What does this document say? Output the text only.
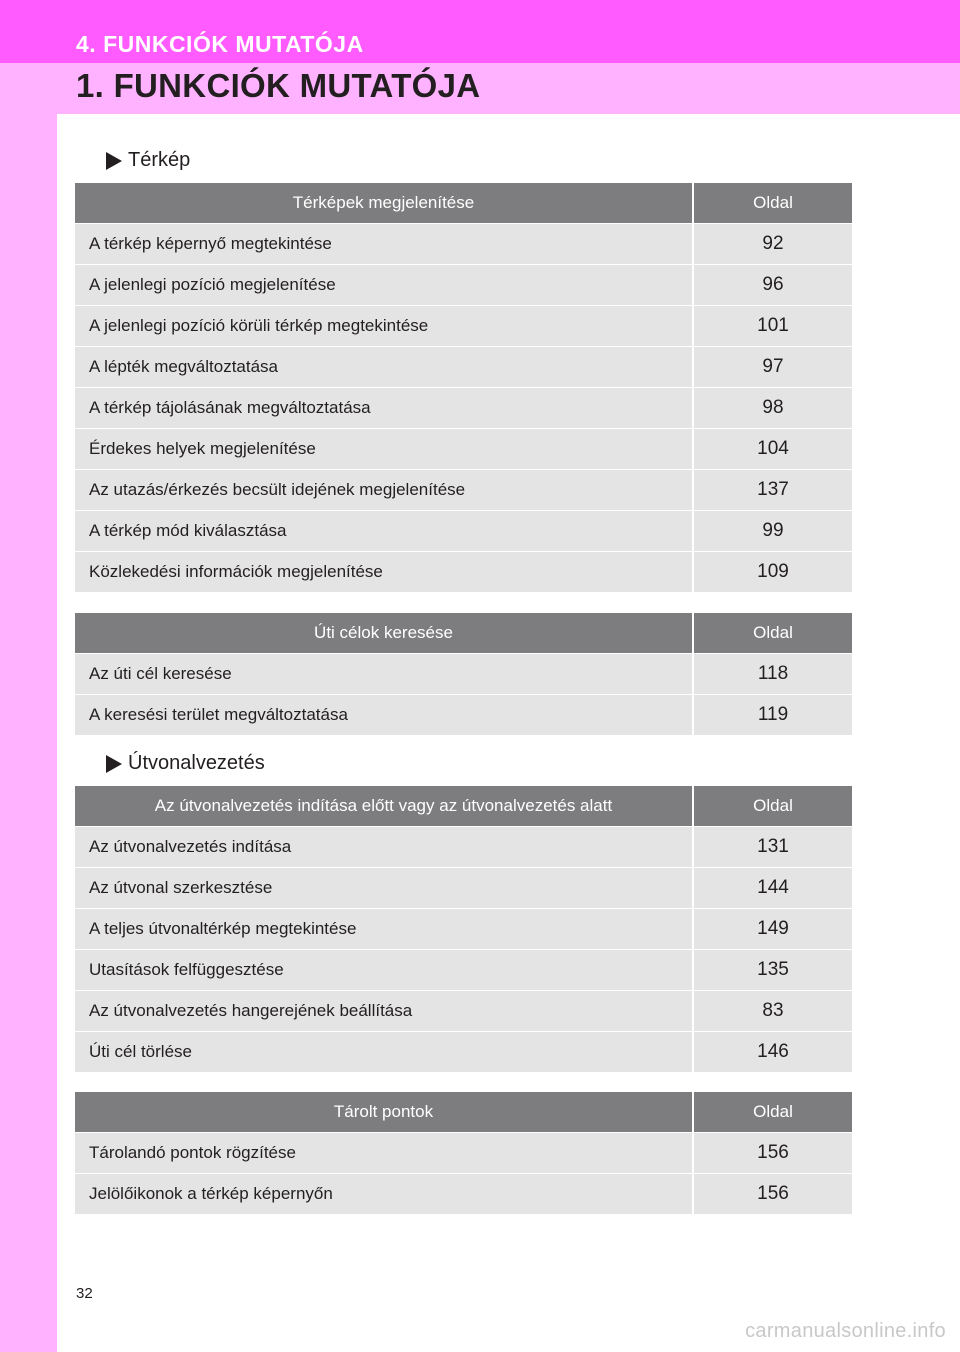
4. FUNKCIÓK MUTATÓJA
1. FUNKCIÓK MUTATÓJA
Térkép
Térképek megjelenítése	Oldal
A térkép képernyő megtekintése	92
A jelenlegi pozíció megjelenítése	96
A jelenlegi pozíció körüli térkép megtekintése	101
A lépték megváltoztatása	97
A térkép tájolásának megváltoztatása	98
Érdekes helyek megjelenítése	104
Az utazás/érkezés becsült idejének megjelenítése	137
A térkép mód kiválasztása	99
Közlekedési információk megjelenítése	109
Úti célok keresése	Oldal
Az úti cél keresése	118
A keresési terület megváltoztatása	119
Útvonalvezetés
Az útvonalvezetés indítása előtt vagy az útvonalvezetés alatt	Oldal
Az útvonalvezetés indítása	131
Az útvonal szerkesztése	144
A teljes útvonaltérkép megtekintése	149
Utasítások felfüggesztése	135
Az útvonalvezetés hangerejének beállítása	83
Úti cél törlése	146
Tárolt pontok	Oldal
Tárolandó pontok rögzítése	156
Jelölőikonok a térkép képernyőn	156
32
carmanualsonline.info
